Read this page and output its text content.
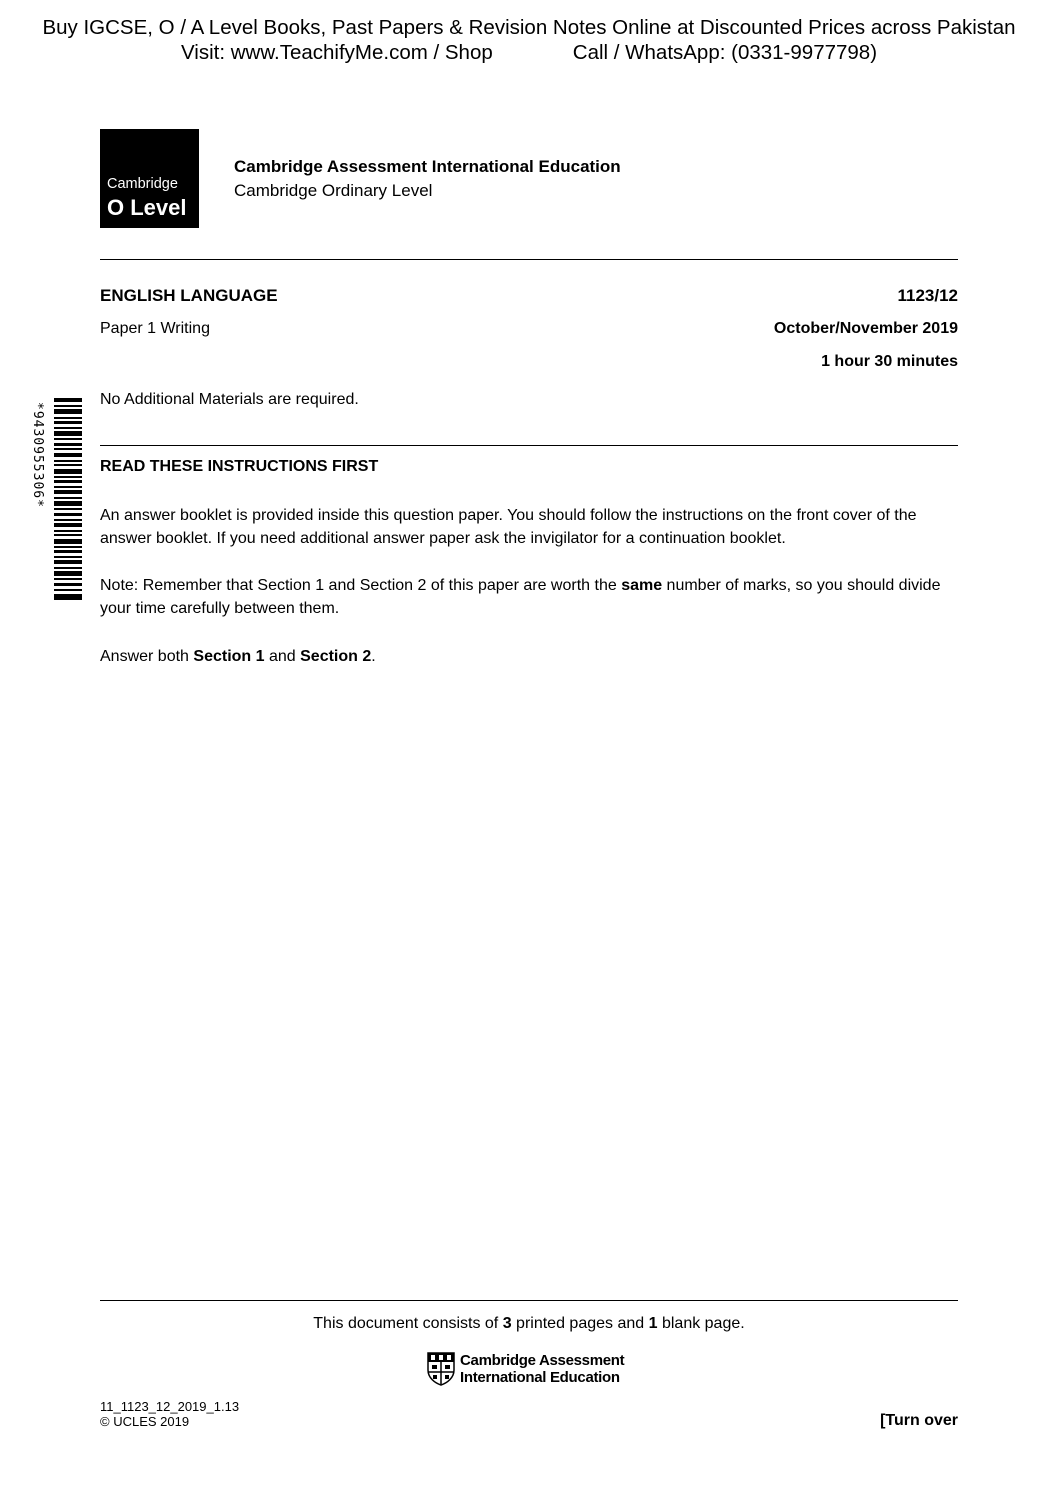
Buy IGCSE, O / A Level Books, Past Papers & Revision Notes Online at Discounted Prices across Pakistan
Visit: www.TeachifyMe.com / Shop	Call / WhatsApp: (0331-9977798)
Cambridge
O Level
Cambridge Assessment International Education
Cambridge Ordinary Level
ENGLISH LANGUAGE	1123/12
Paper 1 Writing	October/November 2019
1 hour 30 minutes
No Additional Materials are required.
*9430955306*	READ THESE INSTRUCTIONS FIRST

An answer booklet is provided inside this question paper. You should follow the instructions on the front cover of the answer booklet. If you need additional answer paper ask the invigilator for a continuation booklet.

Note: Remember that Section 1 and Section 2 of this paper are worth the same number of marks, so you should divide your time carefully between them.

Answer both Section 1 and Section 2.

This document consists of 3 printed pages and 1 blank page.
Cambridge Assessment
International Education
11_1123_12_2019_1.13
© UCLES 2019	[Turn over
